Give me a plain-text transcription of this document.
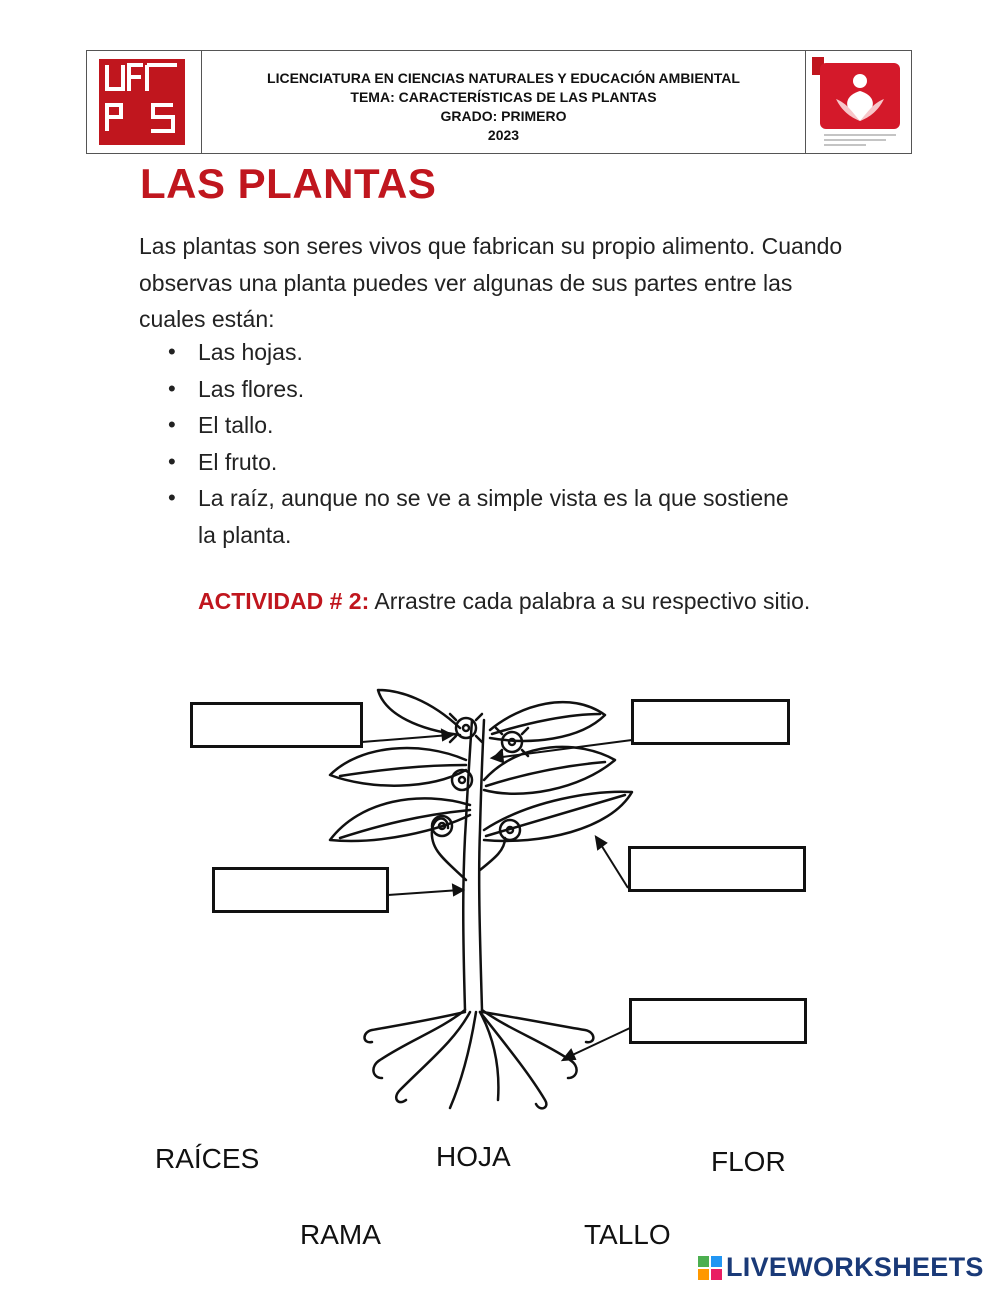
LICENCIATURA EN CIENCIAS NATURALES Y EDUCACIÓN AMBIENTAL
TEMA: CARACTERÍSTICAS DE LAS PLANTAS
GRADO: PRIMERO
2023
LAS PLANTAS
Las plantas son seres vivos que fabrican su propio alimento. Cuando observas una planta puedes ver algunas de sus partes entre las cuales están:
• Las hojas.
• Las flores.
• El tallo.
• El fruto.
• La raíz, aunque no se ve a simple vista es la que sostiene la planta.
ACTIVIDAD # 2: Arrastre cada palabra a su respectivo sitio.
RAÍCES	HOJA	FLOR
RAMA	TALLO
LIVEWORKSHEETS
